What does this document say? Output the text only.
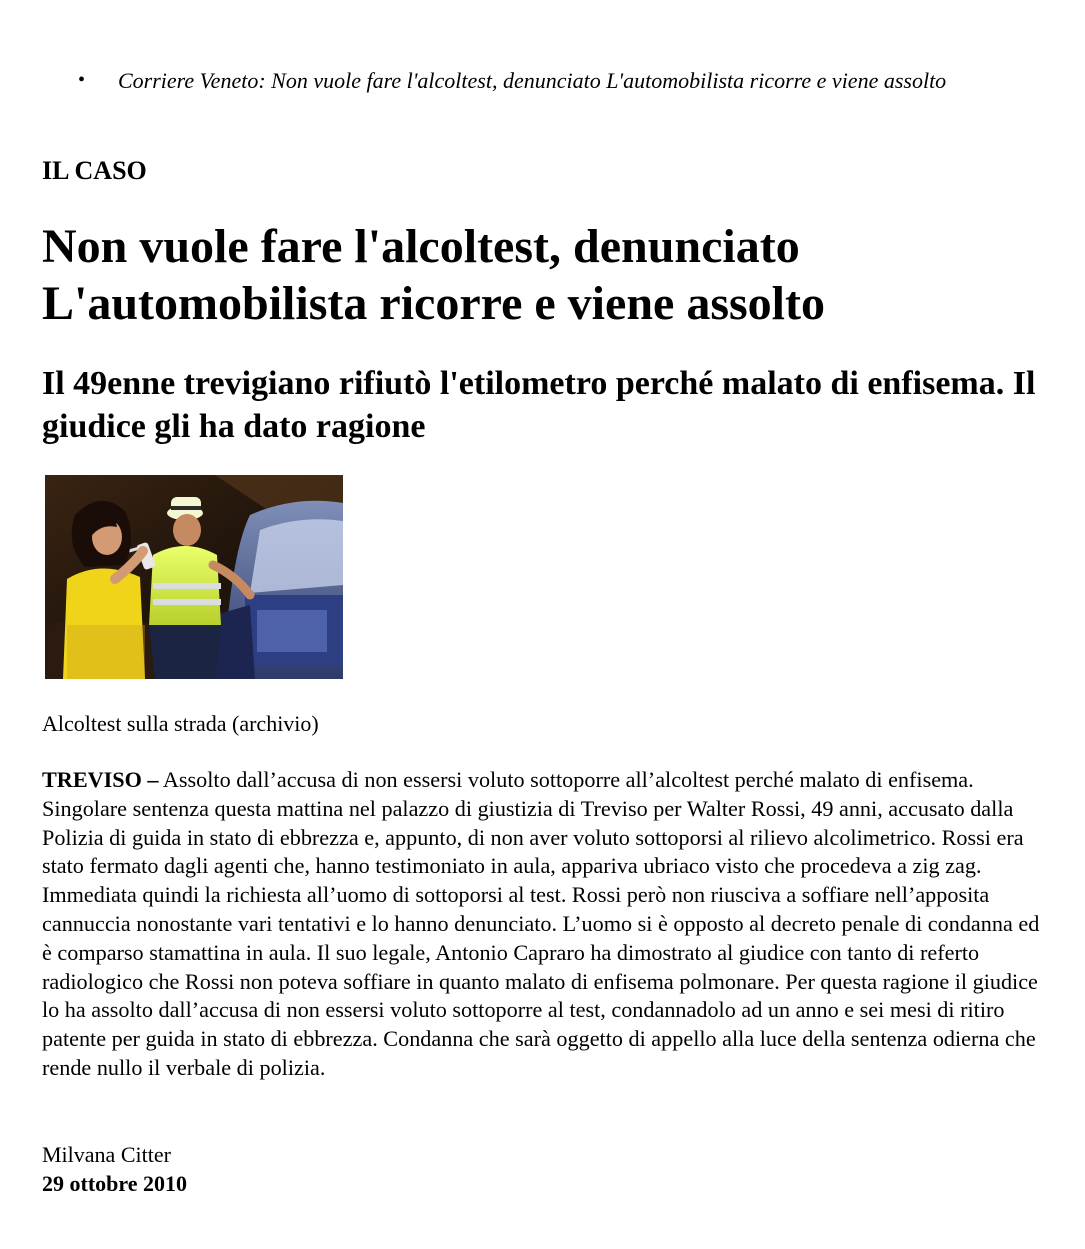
• Corriere Veneto: Non vuole fare l'alcoltest, denunciato L'automobilista ricorre e viene assolto

IL CASO

Non vuole fare l'alcoltest, denunciato
L'automobilista ricorre e viene assolto
Il 49enne trevigiano rifiutò l'etilometro perché malato di enfisema. Il giudice gli ha dato ragione

Alcoltest sulla strada (archivio)

TREVISO – Assolto dall’accusa di non essersi voluto sottoporre all’alcoltest perché malato di enfisema. Singolare sentenza questa mattina nel palazzo di giustizia di Treviso per Walter Rossi, 49 anni, accusato dalla Polizia di guida in stato di ebbrezza e, appunto, di non aver voluto sottoporsi al rilievo alcolimetrico. Rossi era stato fermato dagli agenti che, hanno testimoniato in aula, appariva ubriaco visto che procedeva a zig zag. Immediata quindi la richiesta all’uomo di sottoporsi al test. Rossi però non riusciva a soffiare nell’apposita cannuccia nonostante vari tentativi e lo hanno denunciato. L’uomo si è opposto al decreto penale di condanna ed è comparso stamattina in aula. Il suo legale, Antonio Capraro ha dimostrato al giudice con tanto di referto radiologico che Rossi non poteva soffiare in quanto malato di enfisema polmonare. Per questa ragione il giudice lo ha assolto dall’accusa di non essersi voluto sottoporre al test, condannadolo ad un anno e sei mesi di ritiro patente per guida in stato di ebbrezza. Condanna che sarà oggetto di appello alla luce della sentenza odierna che rende nullo il verbale di polizia.

Milvana Citter

29 ottobre 2010
